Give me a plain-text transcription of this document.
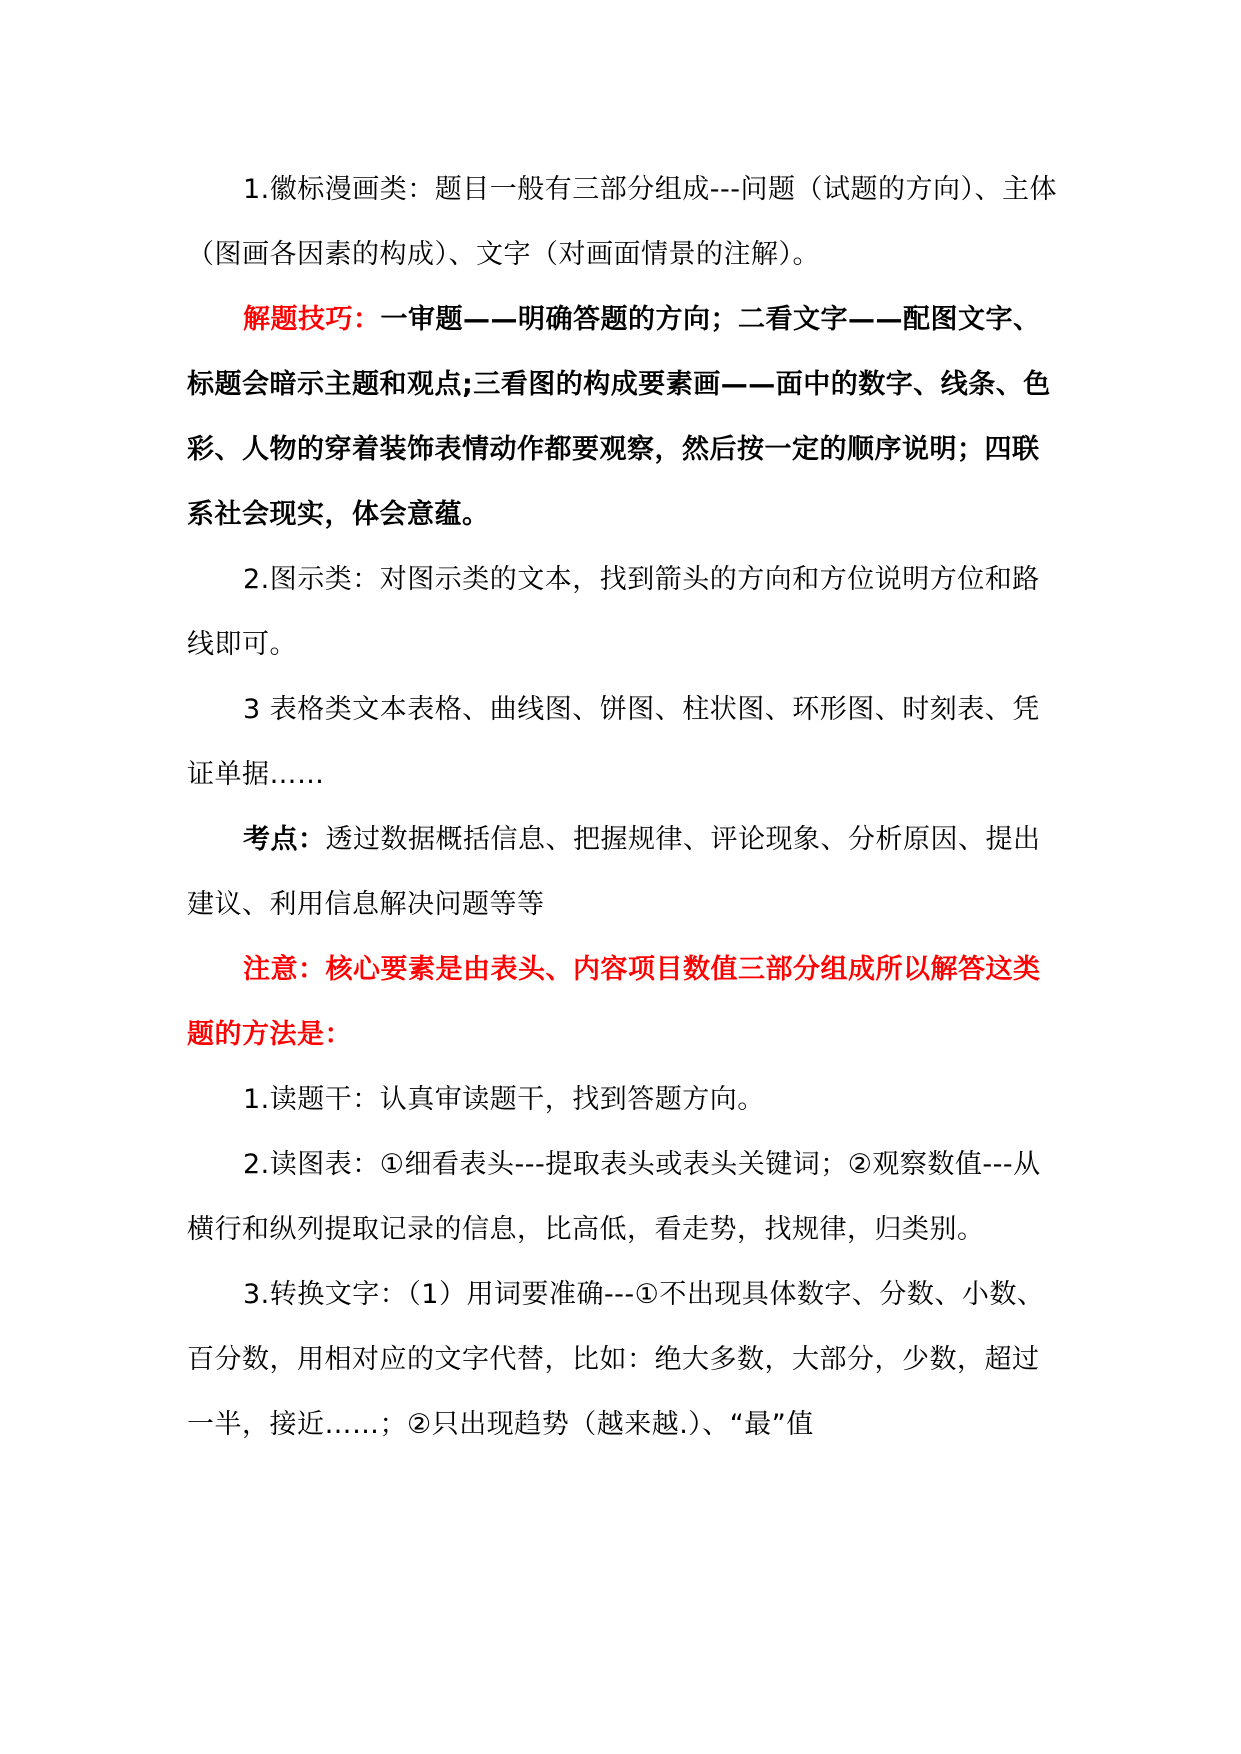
1.徽标漫画类：题目一般有三部分组成---问题（试题的方向）、主体（图画各因素的构成）、文字（对画面情景的注解）。

解题技巧：一审题——明确答题的方向；二看文字——配图文字、标题会暗示主题和观点;三看图的构成要素画——面中的数字、线条、色彩、人物的穿着装饰表情动作都要观察，然后按一定的顺序说明；四联系社会现实，体会意蕴。

2.图示类：对图示类的文本，找到箭头的方向和方位说明方位和路线即可。

3 表格类文本表格、曲线图、饼图、柱状图、环形图、时刻表、凭证单据……

考点：透过数据概括信息、把握规律、评论现象、分析原因、提出建议、利用信息解决问题等等

注意：核心要素是由表头、内容项目数值三部分组成所以解答这类题的方法是：

1.读题干：认真审读题干，找到答题方向。

2.读图表：①细看表头---提取表头或表头关键词；②观察数值---从横行和纵列提取记录的信息，比高低，看走势，找规律，归类别。

3.转换文字：（1）用词要准确---①不出现具体数字、分数、小数、百分数，用相对应的文字代替，比如：绝大多数，大部分，少数，超过一半，接近……；②只出现趋势（越来越.）、“最”值
